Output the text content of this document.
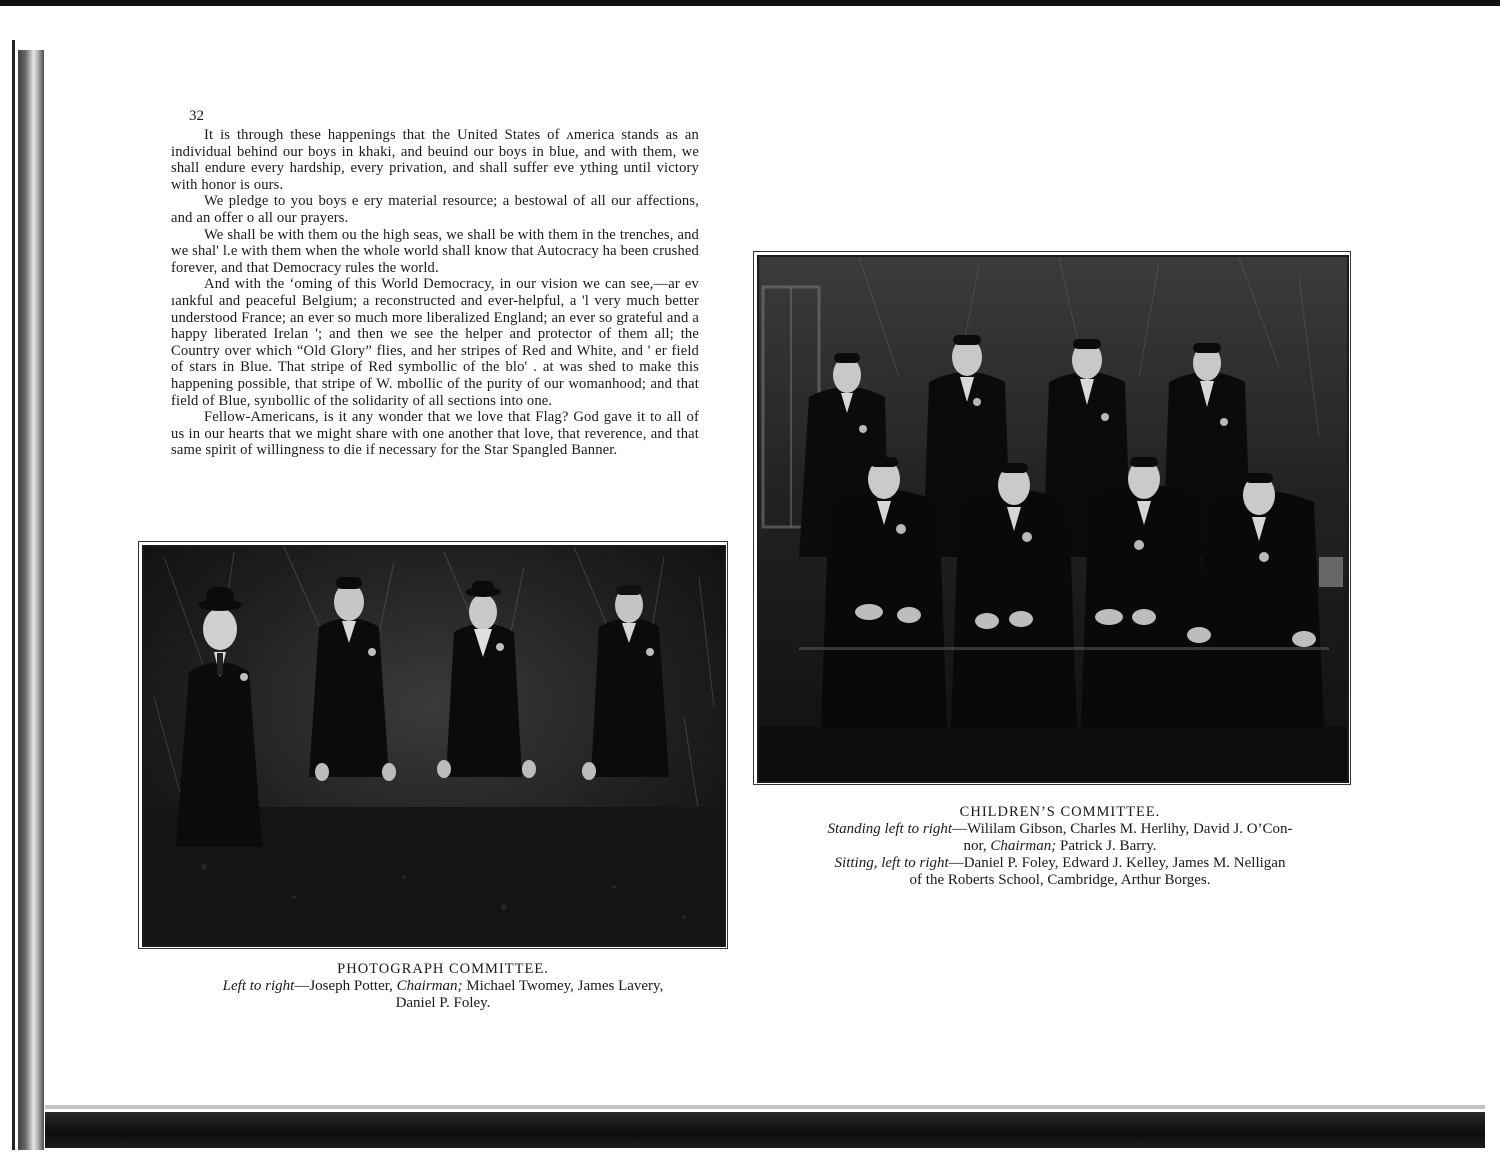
32

It is through these happenings that the United States of ʌmerica stands as an individual behind our boys in khaki, and beuind our boys in blue, and with them, we shall endure every hardship, every privation, and shall suffer eve ything until victory with honor is ours.

We pledge to you boys e ery material resource; a bestowal of all our affections, and an offer o all our prayers.

We shall be with them ou the high seas, we shall be with them in the trenches, and we shal' l.e with them when the whole world shall know that Autocracy ha been crushed forever, and that Democracy rules the world.

And with the ʻoming of this World Democracy, in our vision we can see,—ar ev ıankful and peaceful Belgium; a reconstructed and ever-helpful, a 'l very much better understood France; an ever so much more liberalized England; an ever so grateful and a happy liberated Irelan '; and then we see the helper and protector of them all; the Country over which “Old Glory” flies, and her stripes of Red and White, and ' er field of stars in Blue. That stripe of Red symbollic of the blo' . at was shed to make this happening possible, that stripe of W. mbollic of the purity of our womanhood; and that field of Blue, syııbollic of the solidarity of all sections into one.

Fellow-Americans, is it any wonder that we love that Flag? God gave it to all of us in our hearts that we might share with one another that love, that reverence, and that same spirit of willingness to die if necessary for the Star Spangled Banner.

PHOTOGRAPH COMMITTEE.
Left to right—Joseph Potter, Chairman; Michael Twomey, James Lavery,
Daniel P. Foley.
CHILDREN’S COMMITTEE.
Standing left to right—Wililam Gibson, Charles M. Herlihy, David J. O’Con-
nor, Chairman; Patrick J. Barry.
Sitting, left to right—Daniel P. Foley, Edward J. Kelley, James M. Nelligan
of the Roberts School, Cambridge, Arthur Borges.
